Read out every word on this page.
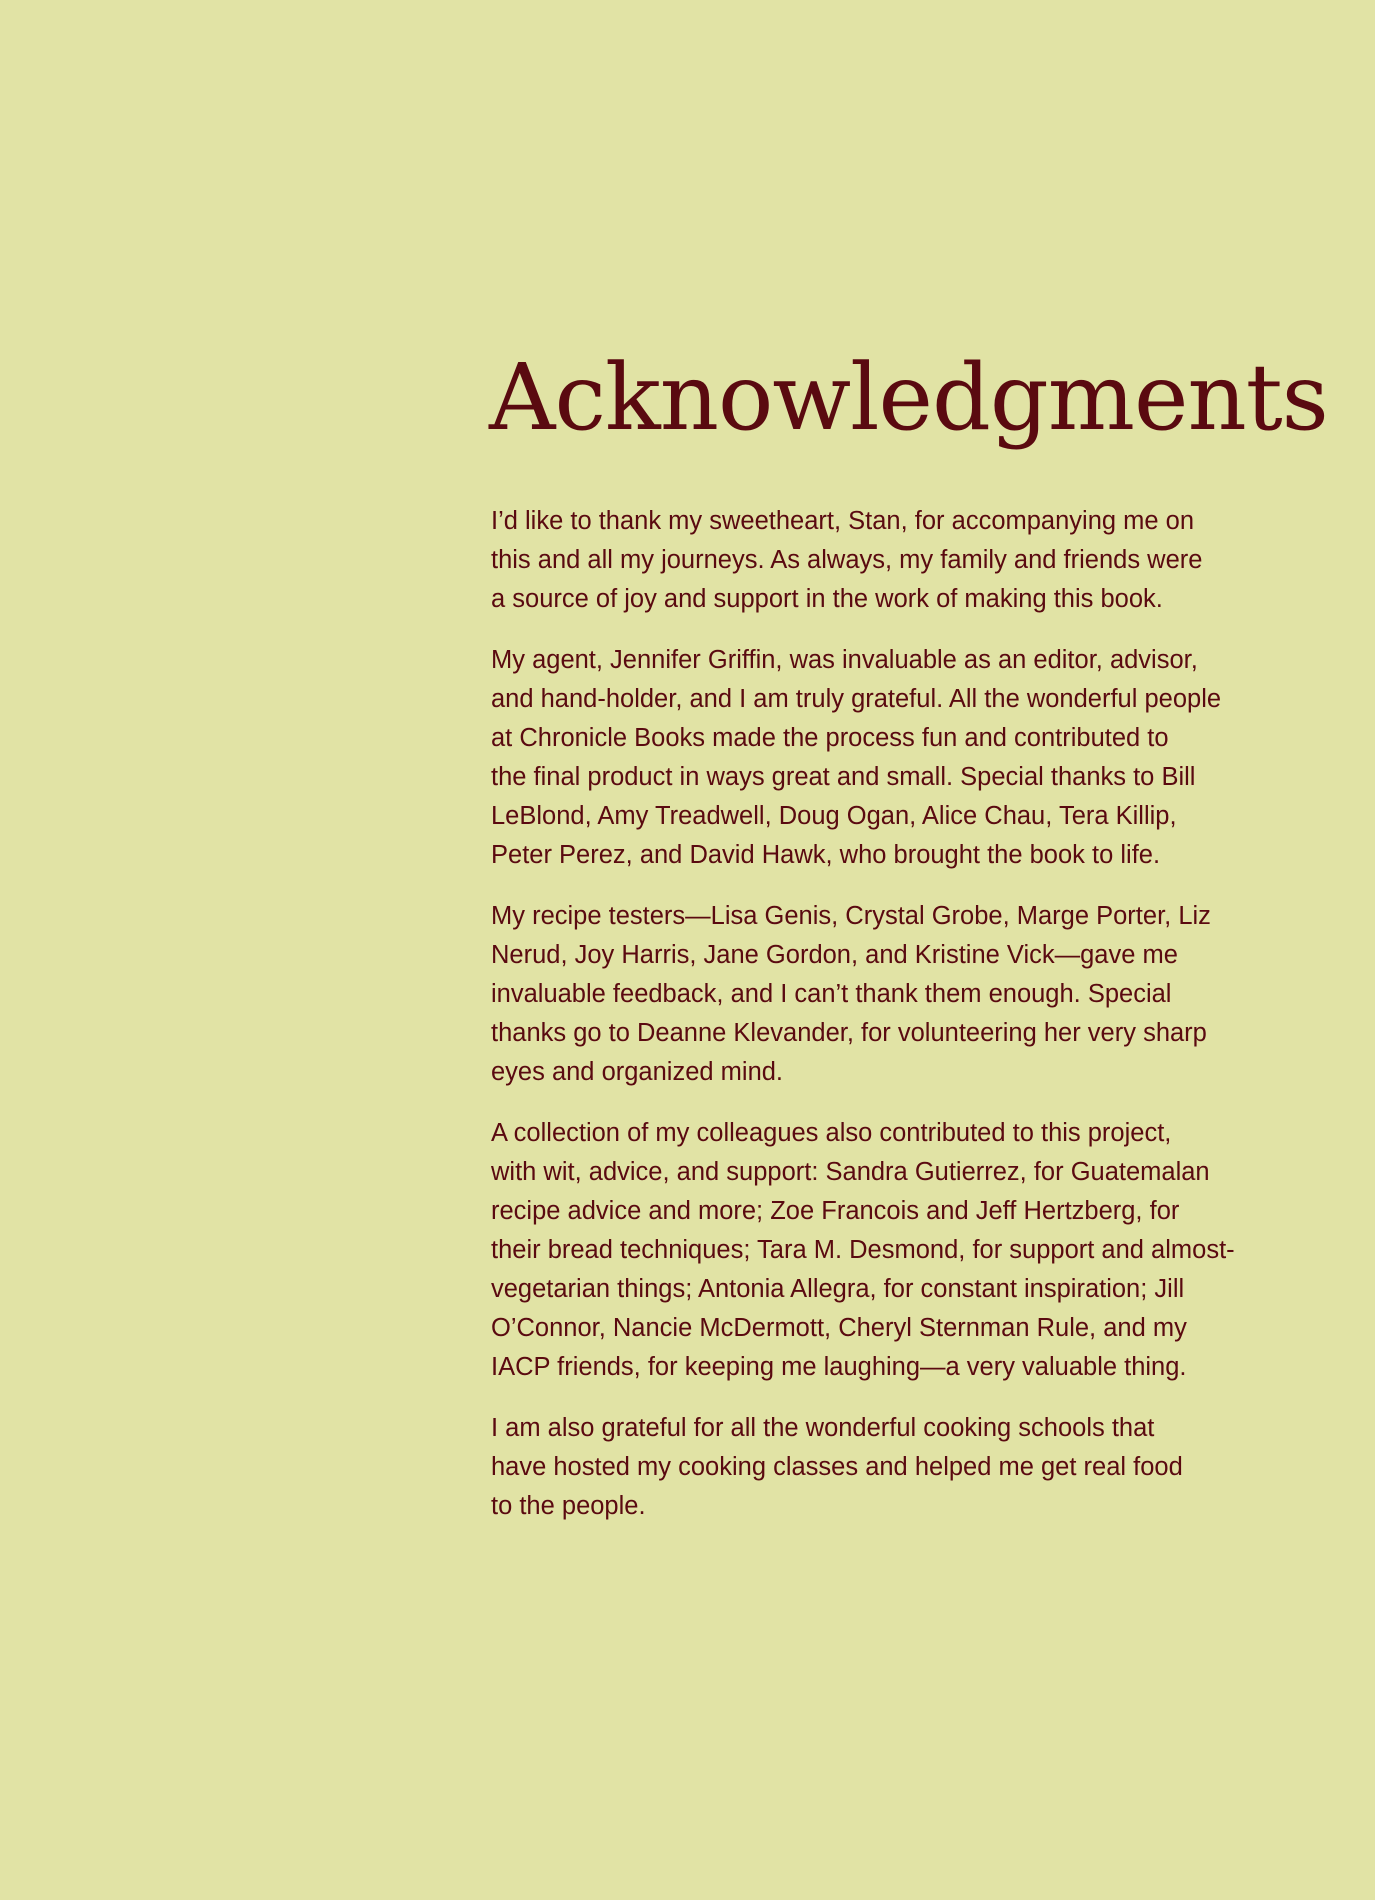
Acknowledgments

I’d like to thank my sweetheart, Stan, for accompanying me on
this and all my journeys. As always, my family and friends were
a source of joy and support in the work of making this book.

My agent, Jennifer Griffin, was invaluable as an editor, advisor,
and hand-holder, and I am truly grateful. All the wonderful people
at Chronicle Books made the process fun and contributed to
the final product in ways great and small. Special thanks to Bill
LeBlond, Amy Treadwell, Doug Ogan, Alice Chau, Tera Killip,
Peter Perez, and David Hawk, who brought the book to life.

My recipe testers—Lisa Genis, Crystal Grobe, Marge Porter, Liz
Nerud, Joy Harris, Jane Gordon, and Kristine Vick—gave me
invaluable feedback, and I can’t thank them enough. Special
thanks go to Deanne Klevander, for volunteering her very sharp
eyes and organized mind.

A collection of my colleagues also contributed to this project,
with wit, advice, and support: Sandra Gutierrez, for Guatemalan
recipe advice and more; Zoe Francois and Jeff Hertzberg, for
their bread techniques; Tara M. Desmond, for support and almost-
vegetarian things; Antonia Allegra, for constant inspiration; Jill
O’Connor, Nancie McDermott, Cheryl Sternman Rule, and my
IACP friends, for keeping me laughing—a very valuable thing.

I am also grateful for all the wonderful cooking schools that
have hosted my cooking classes and helped me get real food
to the people.
